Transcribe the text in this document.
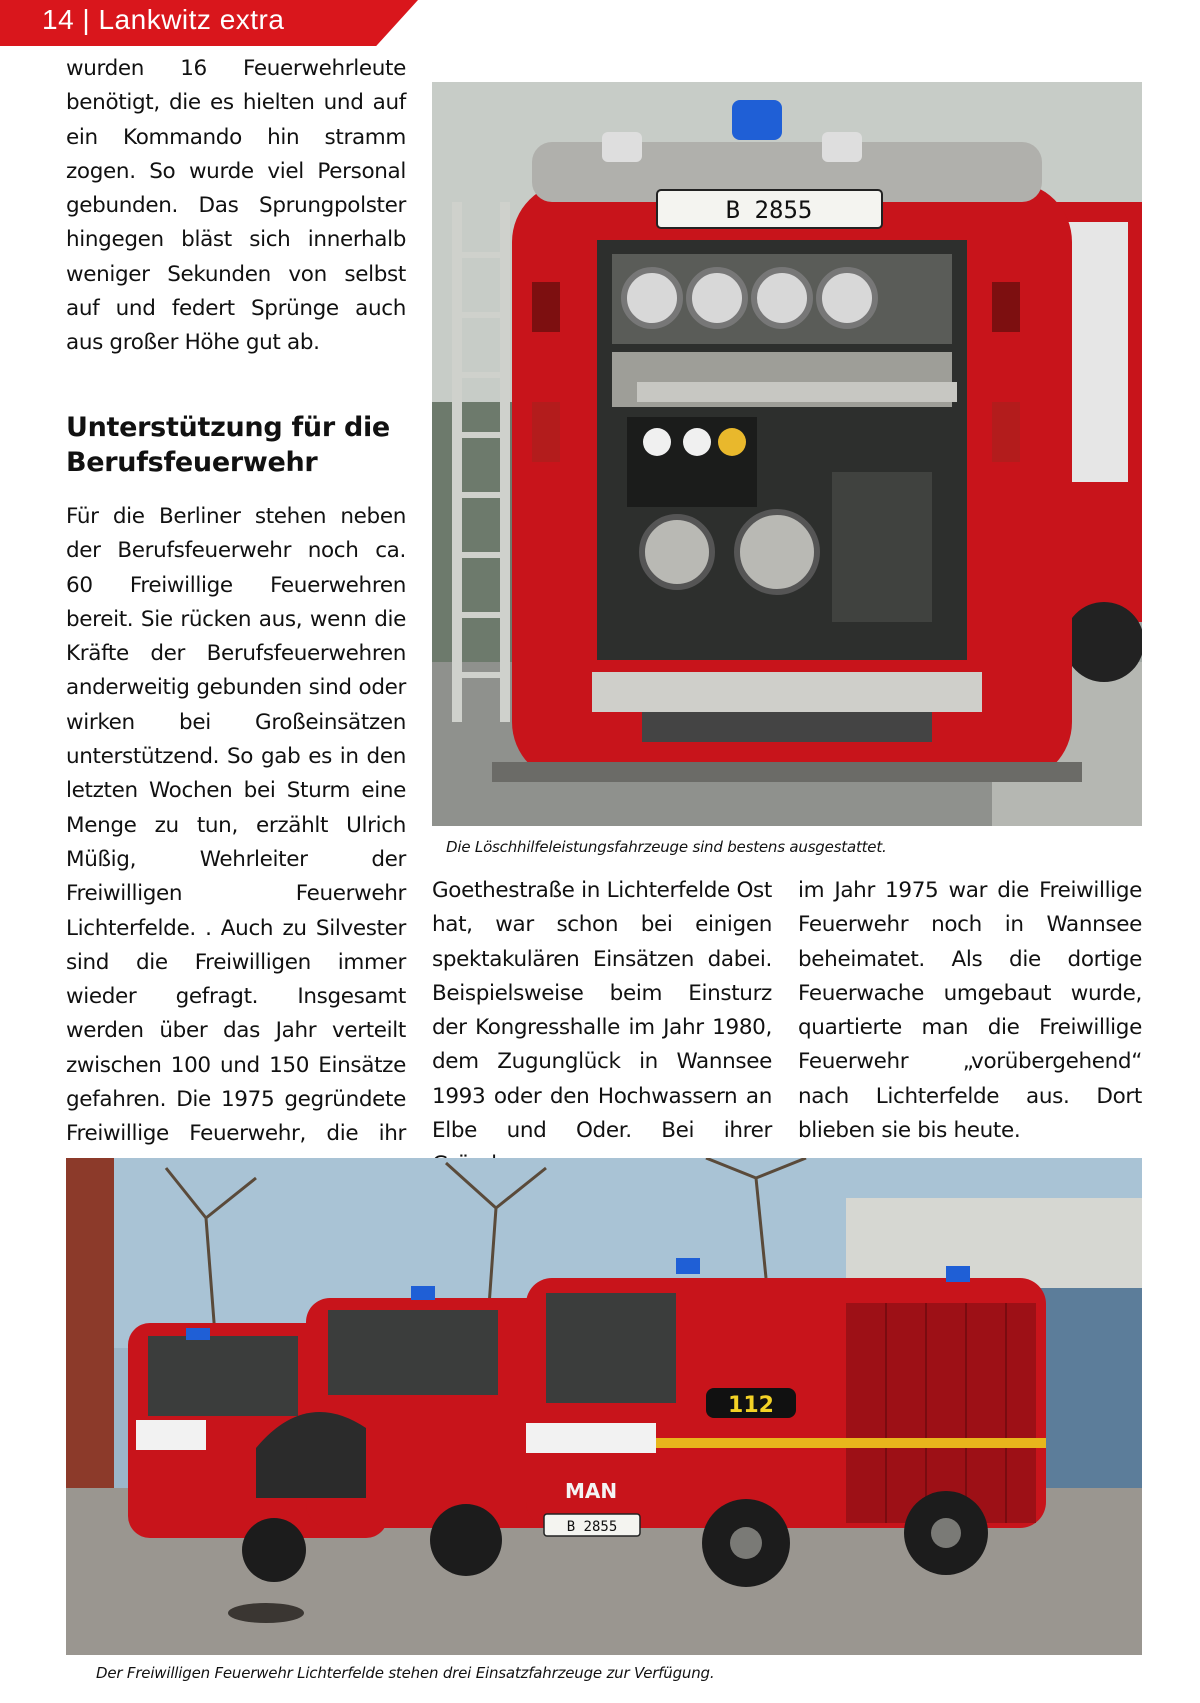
14 | Lankwitz extra

wurden 16 Feuerwehrleute benötigt, die es hielten und auf ein Kommando hin stramm zogen. So wurde viel Personal gebunden. Das Sprungpolster hingegen bläst sich innerhalb weniger Sekunden von selbst auf und federt Sprünge auch aus großer Höhe gut ab.

Unterstützung für die Berufsfeuerwehr

Für die Berliner stehen neben der Berufsfeuerwehr noch ca. 60 Freiwillige Feuerwehren bereit. Sie rücken aus, wenn die Kräfte der Berufsfeuerwehren anderweitig gebunden sind oder wirken bei Großeinsätzen unterstützend. So gab es in den letzten Wochen bei Sturm eine Menge zu tun, erzählt Ulrich Müßig, Wehrleiter der Freiwilligen Feuerwehr Lichterfelde. . Auch zu Silvester sind die Freiwilligen immer wieder gefragt. Insgesamt werden über das Jahr verteilt zwischen 100 und 150 Einsätze gefahren. Die 1975 gegründete Freiwillige Feuerwehr, die ihr

B 2855
Die Löschhilfeleistungsfahrzeuge sind bestens ausgestattet.

Goethestraße in Lichterfelde Ost hat, war schon bei einigen spektakulären Einsätzen dabei. Beispielsweise beim Einsturz der Kongresshalle im Jahr 1980, dem Zugunglück in Wannsee 1993 oder den Hochwassern an Elbe und Oder. Bei ihrer

im Jahr 1975 war die Freiwillige Feuerwehr noch in Wannsee beheimatet. Als die dortige Feuerwache umgebaut wurde, quartierte man die Freiwillige Feuerwehr „vorübergehend“ nach Lichterfelde aus. Dort blieben sie bis heute.

112
MAN
B 2855
Der Freiwilligen Feuerwehr Lichterfelde stehen drei Einsatzfahrzeuge zur Verfügung.
